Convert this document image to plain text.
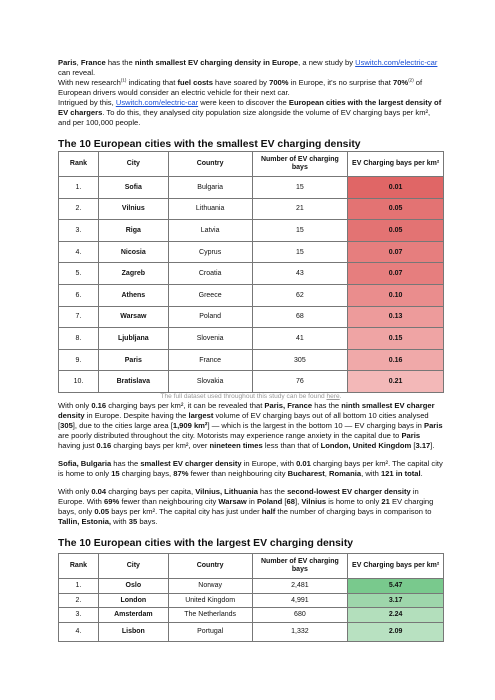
Paris, France has the ninth smallest EV charging density in Europe, a new study by Uswitch.com/electric-car can reveal.

With new research$^{(1)}$ indicating that fuel costs have soared by 700% in Europe, it's no surprise that 70%$^{(2)}$ of European drivers would consider an electric vehicle for their next car.

Intrigued by this, Uswitch.com/electric-car were keen to discover the European cities with the largest density of EV chargers. To do this, they analysed city population size alongside the volume of EV charging bays per km², and per 100,000 people.

The 10 European cities with the smallest EV charging density
Rank	City	Country	Number of EV charging bays	EV Charging bays per km²
1.	Sofia	Bulgaria	15	0.01
2.	Vilnius	Lithuania	21	0.05
3.	Riga	Latvia	15	0.05
4.	Nicosia	Cyprus	15	0.07
5.	Zagreb	Croatia	43	0.07
6.	Athens	Greece	62	0.10
7.	Warsaw	Poland	68	0.13
8.	Ljubljana	Slovenia	41	0.15
9.	Paris	France	305	0.16
10.	Bratislava	Slovakia	76	0.21
The full dataset used throughout this study can be found here.

With only 0.16 charging bays per km², it can be revealed that Paris, France has the ninth smallest EV charger density in Europe. Despite having the largest volume of EV charging bays out of all bottom 10 cities analysed [305], due to the cities large area [1,909 km²] — which is the largest in the bottom 10 — EV charging bays in Paris are poorly distributed throughout the city. Motorists may experience range anxiety in the capital due to Paris having just 0.16 charging bays per km², over nineteen times less than that of London, United Kingdom [3.17].

Sofia, Bulgaria has the smallest EV charger density in Europe, with 0.01 charging bays per km². The capital city is home to only 15 charging bays, 87% fewer than neighbouring city Bucharest, Romania, with 121 in total.

With only 0.04 charging bays per capita, Vilnius, Lithuania has the second-lowest EV charger density in Europe. With 69% fewer than neighbouring city Warsaw in Poland [68], Vilnius is home to only 21 EV charging bays, only 0.05 bays per km². The capital city has just under half the number of charging bays in comparison to Tallin, Estonia, with 35 bays.

The 10 European cities with the largest EV charging density
Rank	City	Country	Number of EV charging bays	EV Charging bays per km²
1.	Oslo	Norway	2,481	5.47
2.	London	United Kingdom	4,991	3.17
3.	Amsterdam	The Netherlands	680	2.24
4.	Lisbon	Portugal	1,332	2.09
